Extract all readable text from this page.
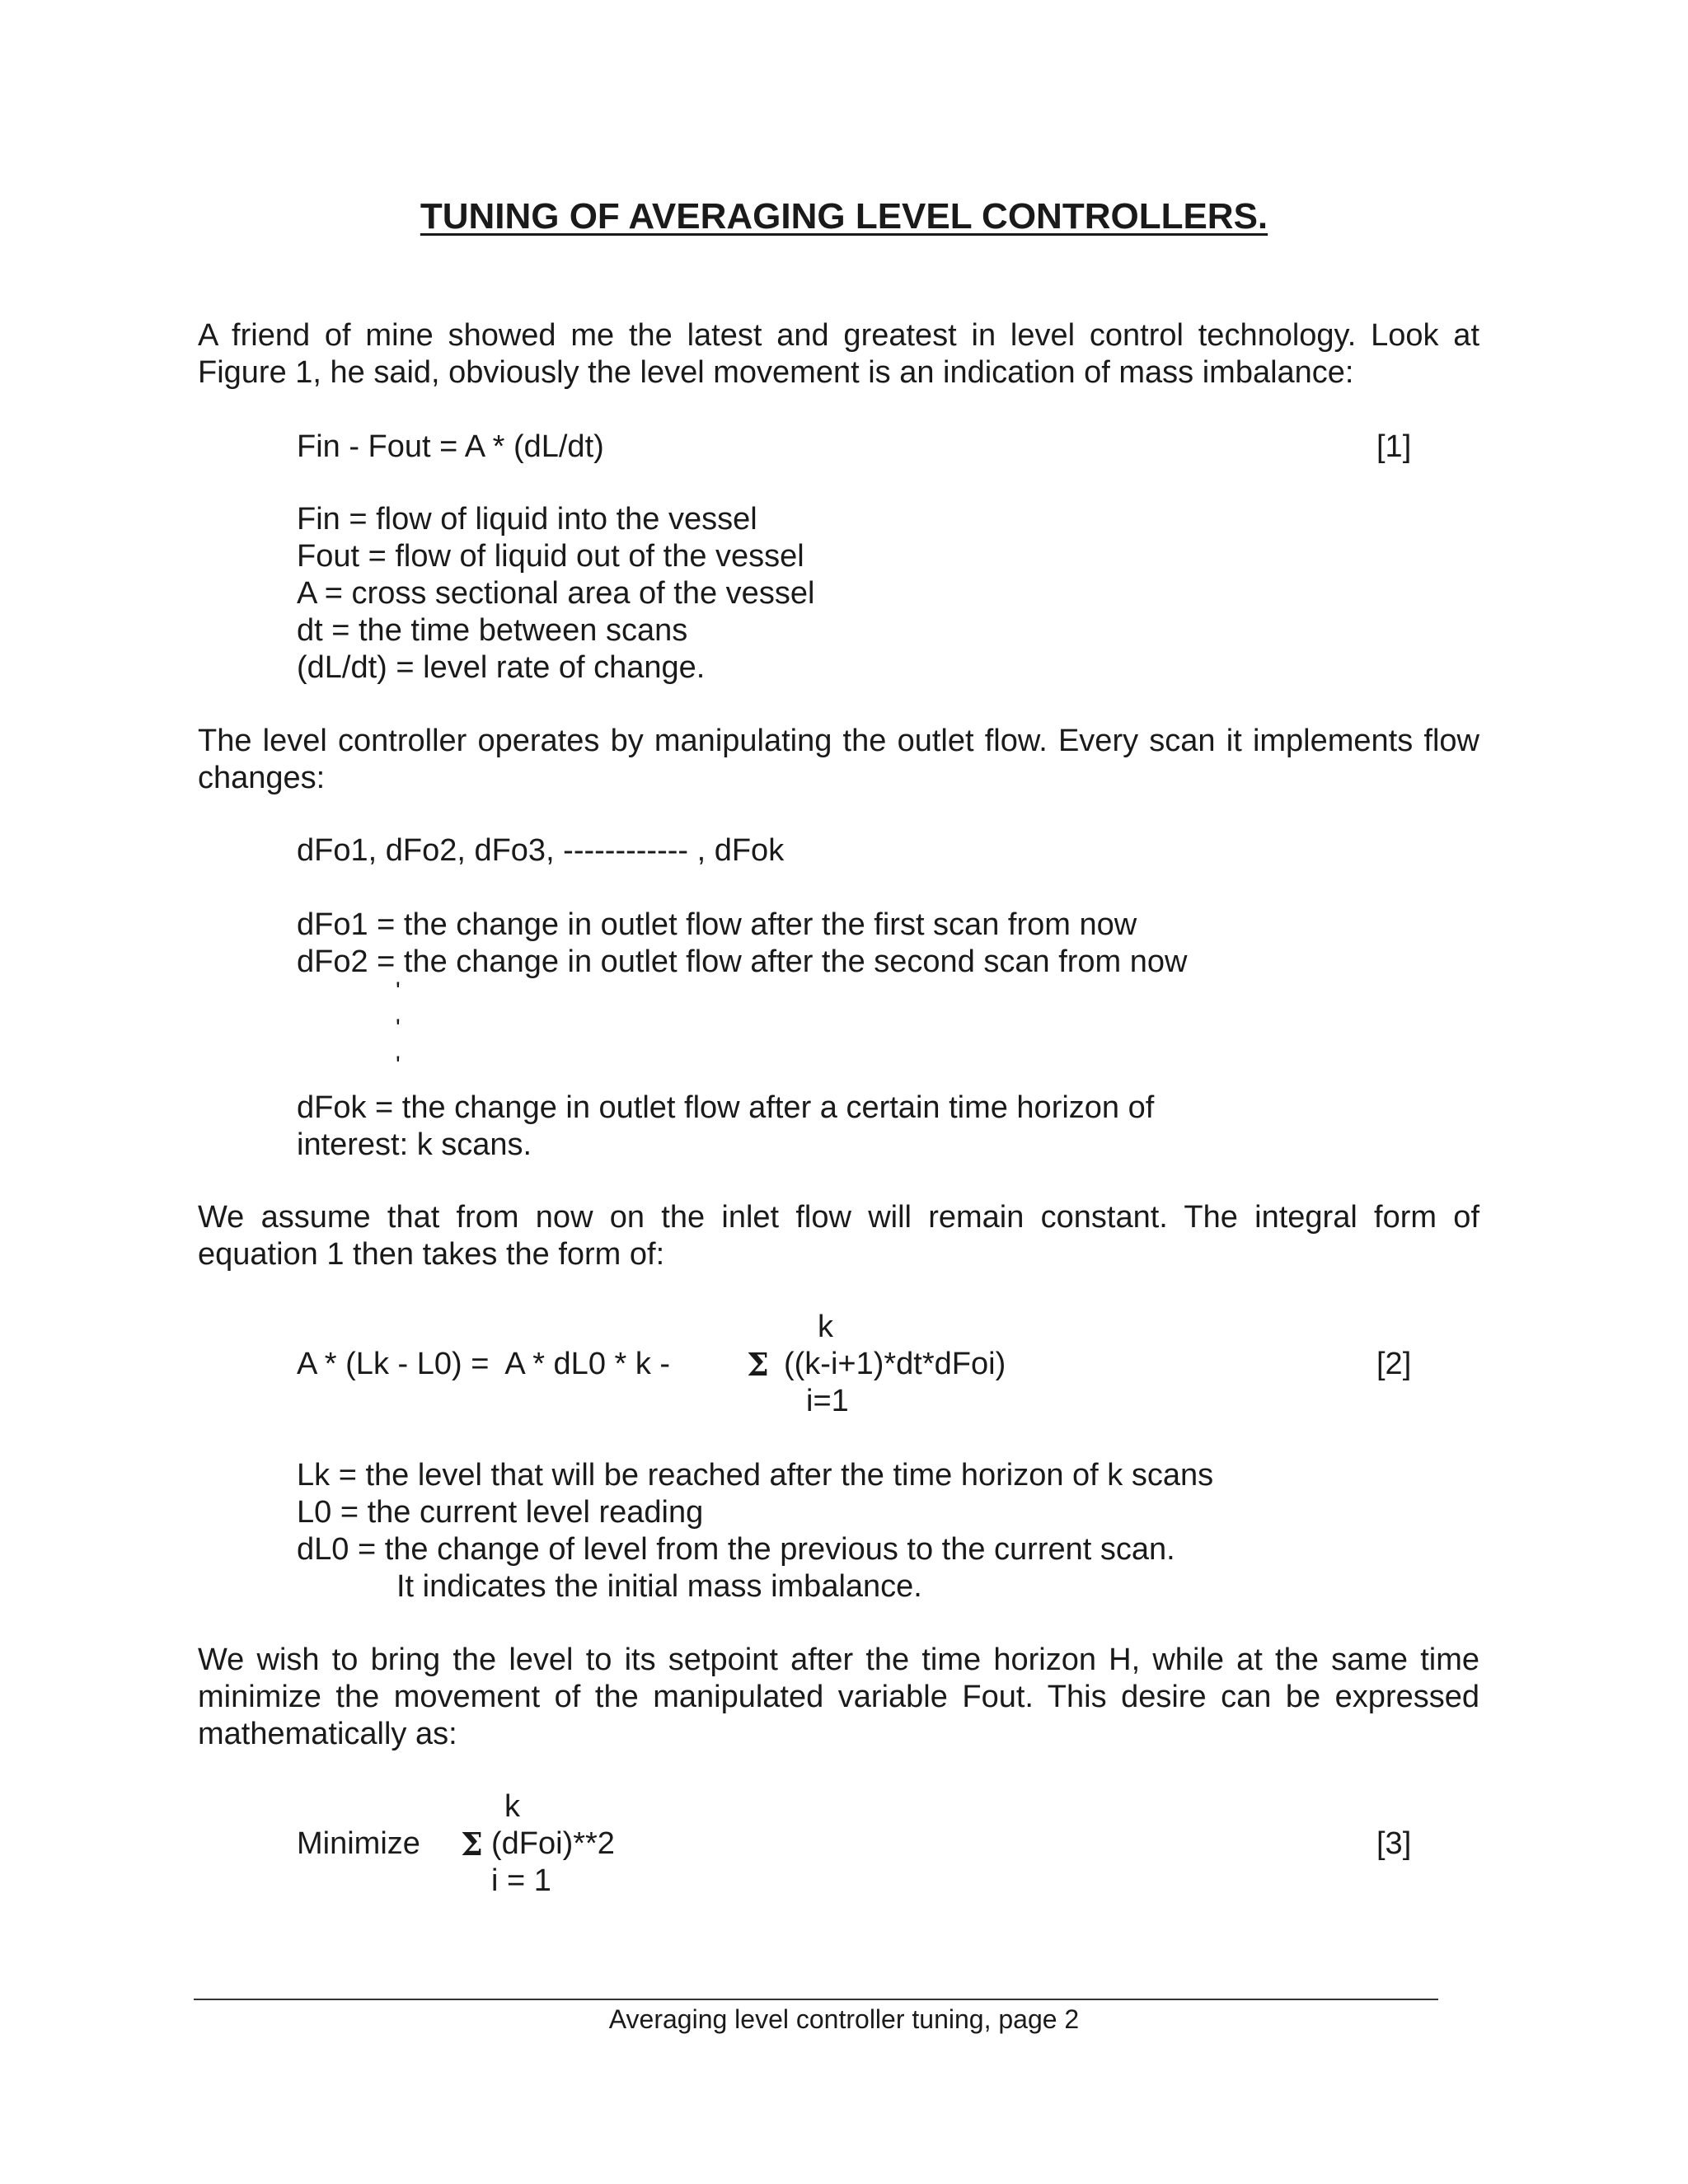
TUNING OF AVERAGING LEVEL CONTROLLERS.
A friend of mine showed me the latest and greatest in level control technology. Look at Figure 1, he said, obviously the level movement is an indication of mass imbalance:
Fin - Fout = A * (dL/dt)	[1]
Fin = flow of liquid into the vessel
Fout = flow of liquid out of the vessel
A = cross sectional area of the vessel
dt = the time between scans
(dL/dt) = level rate of change.
The level controller operates by manipulating the outlet flow. Every scan it implements flow changes:
dFo1, dFo2, dFo3, ------------ , dFok
dFo1 = the change in outlet flow after the first scan from now
dFo2 = the change in outlet flow after the second scan from now
'
'
'
dFok = the change in outlet flow after a certain time horizon of
interest: k scans.
We assume that from now on the inlet flow will remain constant. The integral form of equation 1 then takes the form of:
k
A * (Lk - L0) =  A * dL0 * k - Σ ((k-i+1)*dt*dFoi)	[2]
i=1
Lk = the level that will be reached after the time horizon of k scans
L0 = the current level reading
dL0 = the change of level from the previous to the current scan.
It indicates the initial mass imbalance.
We wish to bring the level to its setpoint after the time horizon H, while at the same time minimize the movement of the manipulated variable Fout. This desire can be expressed mathematically as:
k
Minimize Σ (dFoi)**2	[3]
i = 1
Averaging level controller tuning, page 2
